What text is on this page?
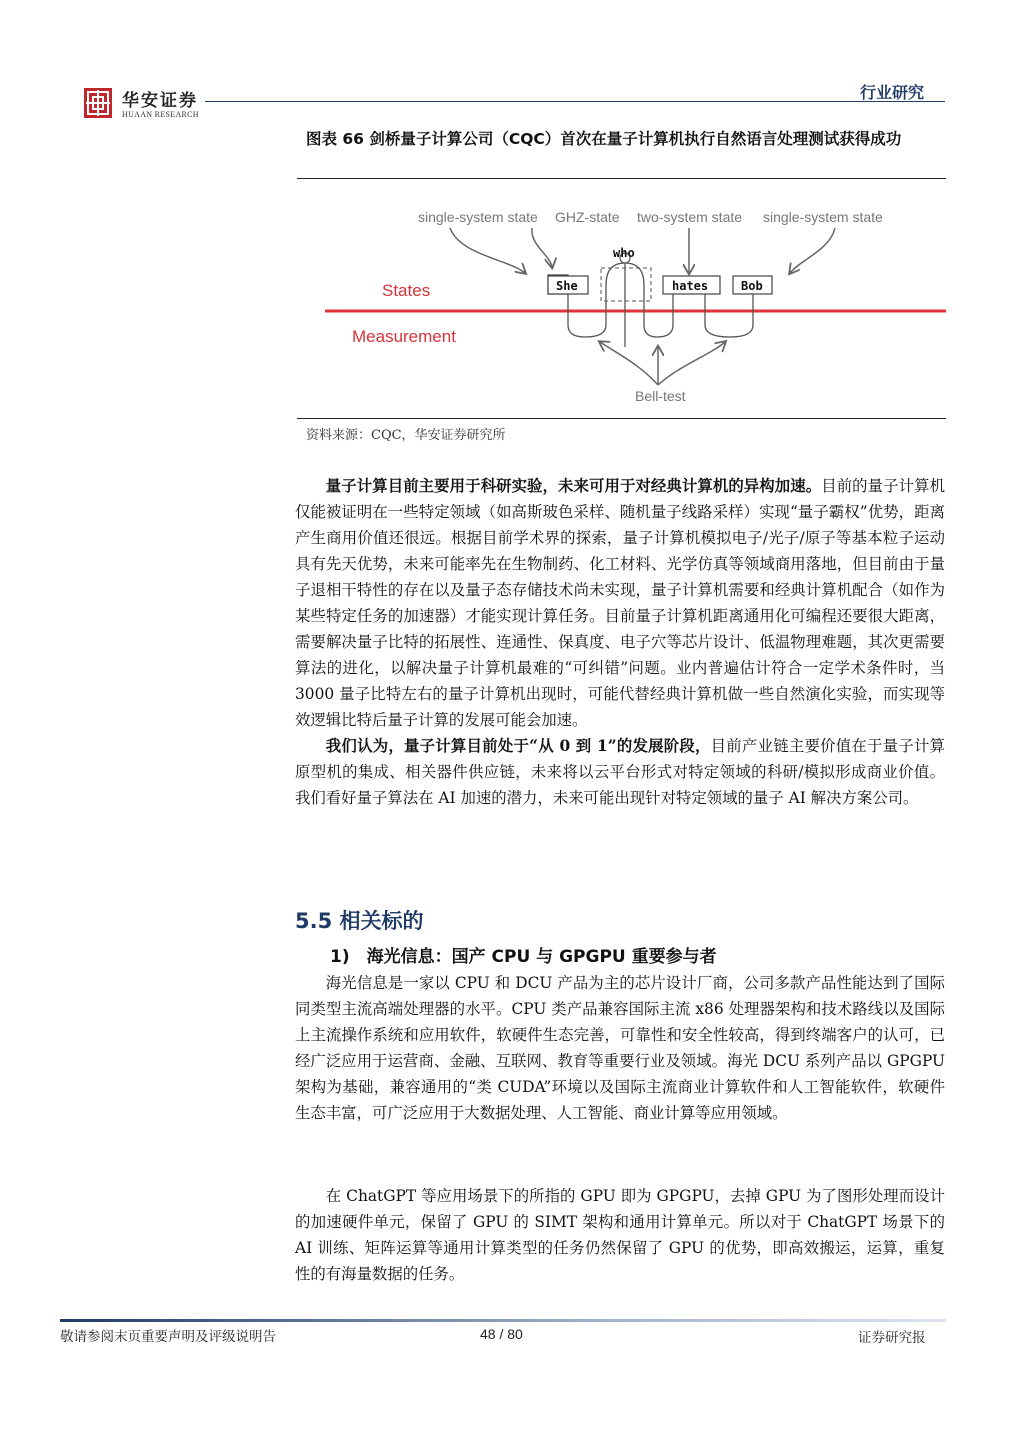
华安证券
HUAAN RESEARCH
行业研究
图表 66 剑桥量子计算公司（CQC）首次在量子计算机执行自然语言处理测试获得成功
single-system state GHZ-state two-system state single-system state
Bell-test
States
Measurement
She
who
hates	Bob
资料来源：CQC，华安证券研究所

量子计算目前主要用于科研实验，未来可用于对经典计算机的异构加速。目前的量子计算机仅能被证明在一些特定领域（如高斯玻色采样、随机量子线路采样）实现“量子霸权”优势，距离产生商用价值还很远。根据目前学术界的探索，量子计算机模拟电子/光子/原子等基本粒子运动具有先天优势，未来可能率先在生物制药、化工材料、光学仿真等领域商用落地，但目前由于量子退相干特性的存在以及量子态存储技术尚未实现，量子计算机需要和经典计算机配合（如作为某些特定任务的加速器）才能实现计算任务。目前量子计算机距离通用化可编程还要很大距离，需要解决量子比特的拓展性、连通性、保真度、电子穴等芯片设计、低温物理难题，其次更需要算法的进化，以解决量子计算机最难的“可纠错”问题。业内普遍估计符合一定学术条件时，当 3000 量子比特左右的量子计算机出现时，可能代替经典计算机做一些自然演化实验，而实现等效逻辑比特后量子计算的发展可能会加速。

我们认为，量子计算目前处于“从 0 到 1”的发展阶段，目前产业链主要价值在于量子计算原型机的集成、相关器件供应链，未来将以云平台形式对特定领域的科研/模拟形成商业价值。我们看好量子算法在 AI 加速的潜力，未来可能出现针对特定领域的量子 AI 解决方案公司。

5.5 相关标的
1)　海光信息：国产 CPU 与 GPGPU 重要参与者

海光信息是一家以 CPU 和 DCU 产品为主的芯片设计厂商，公司多款产品性能达到了国际同类型主流高端处理器的水平。CPU 类产品兼容国际主流 x86 处理器架构和技术路线以及国际上主流操作系统和应用软件，软硬件生态完善，可靠性和安全性较高，得到终端客户的认可，已经广泛应用于运营商、金融、互联网、教育等重要行业及领域。海光 DCU 系列产品以 GPGPU 架构为基础，兼容通用的“类 CUDA”环境以及国际主流商业计算软件和人工智能软件，软硬件生态丰富，可广泛应用于大数据处理、人工智能、商业计算等应用领域。

在 ChatGPT 等应用场景下的所指的 GPU 即为 GPGPU，去掉 GPU 为了图形处理而设计的加速硬件单元，保留了 GPU 的 SIMT 架构和通用计算单元。所以对于 ChatGPT 场景下的 AI 训练、矩阵运算等通用计算类型的任务仍然保留了 GPU 的优势，即高效搬运，运算，重复性的有海量数据的任务。

敬请参阅末页重要声明及评级说明告	48 / 80	证券研究报
